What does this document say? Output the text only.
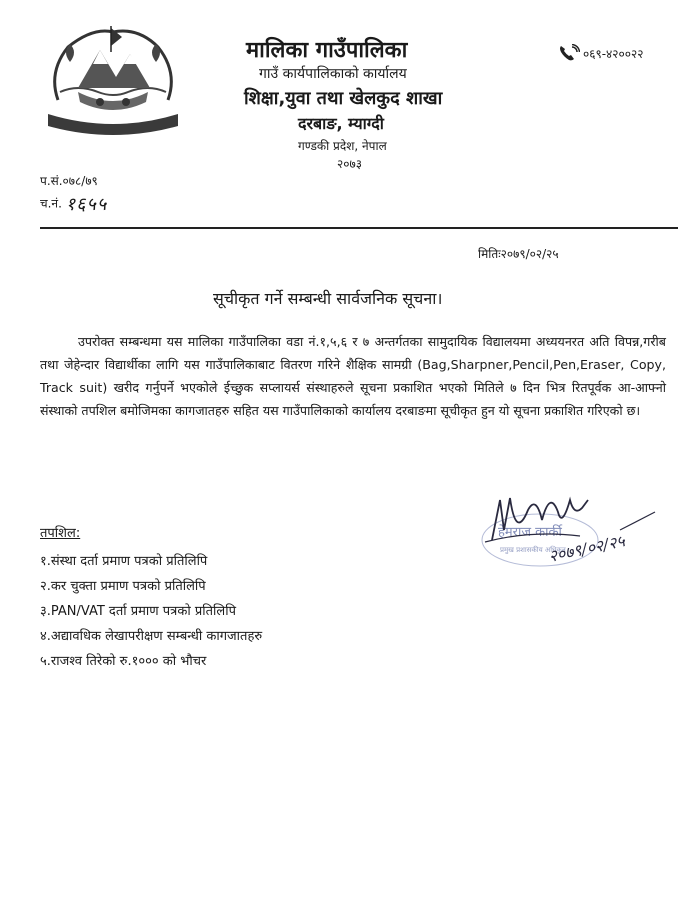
जननी जन्मभूमिश्च स्वर्गादपि गरीयसी
मालिका गाउँपालिका
गाउँ कार्यपालिकाको कार्यालय
शिक्षा,युवा तथा खेलकुद शाखा
दरबाङ, म्याग्दी
गण्डकी प्रदेश, नेपाल
२०७३
०६९-४२००२२
प.सं.०७८/७९
च.नं. १६५५
मितिः२०७९/०२/२५
सूचीकृत गर्ने सम्बन्धी सार्वजनिक सूचना।
उपरोक्त सम्बन्धमा यस मालिका गाउँपालिका वडा नं.१,५,६ र ७ अन्तर्गतका सामुदायिक विद्यालयमा अध्ययनरत अति विपन्न,गरीब तथा जेहेन्दार विद्यार्थीका लागि यस गाउँपालिकाबाट वितरण गरिने शैक्षिक सामग्री (Bag,Sharpner,Pencil,Pen,Eraser, Copy, Track suit) खरीद गर्नुपर्ने भएकोले ईच्छुक सप्लायर्स संस्थाहरुले सूचना प्रकाशित भएको मितिले ७ दिन भित्र रितपूर्वक आ-आफ्नो संस्थाको तपशिल बमोजिमका कागजातहरु सहित यस गाउँपालिकाको कार्यालय दरबाङमा सूचीकृत हुन यो सूचना प्रकाशित गरिएको छ।
हेमराज कार्की
प्रमुख प्रशासकीय अधिकृत
२०७९/०२/२५
तपशिल:
१.संस्था दर्ता प्रमाण पत्रको प्रतिलिपि
२.कर चुक्ता प्रमाण पत्रको प्रतिलिपि
३.PAN/VAT दर्ता प्रमाण पत्रको प्रतिलिपि
४.अद्यावधिक लेखापरीक्षण सम्बन्धी कागजातहरु
५.राजश्व तिरेको रु.१००० को भौचर
